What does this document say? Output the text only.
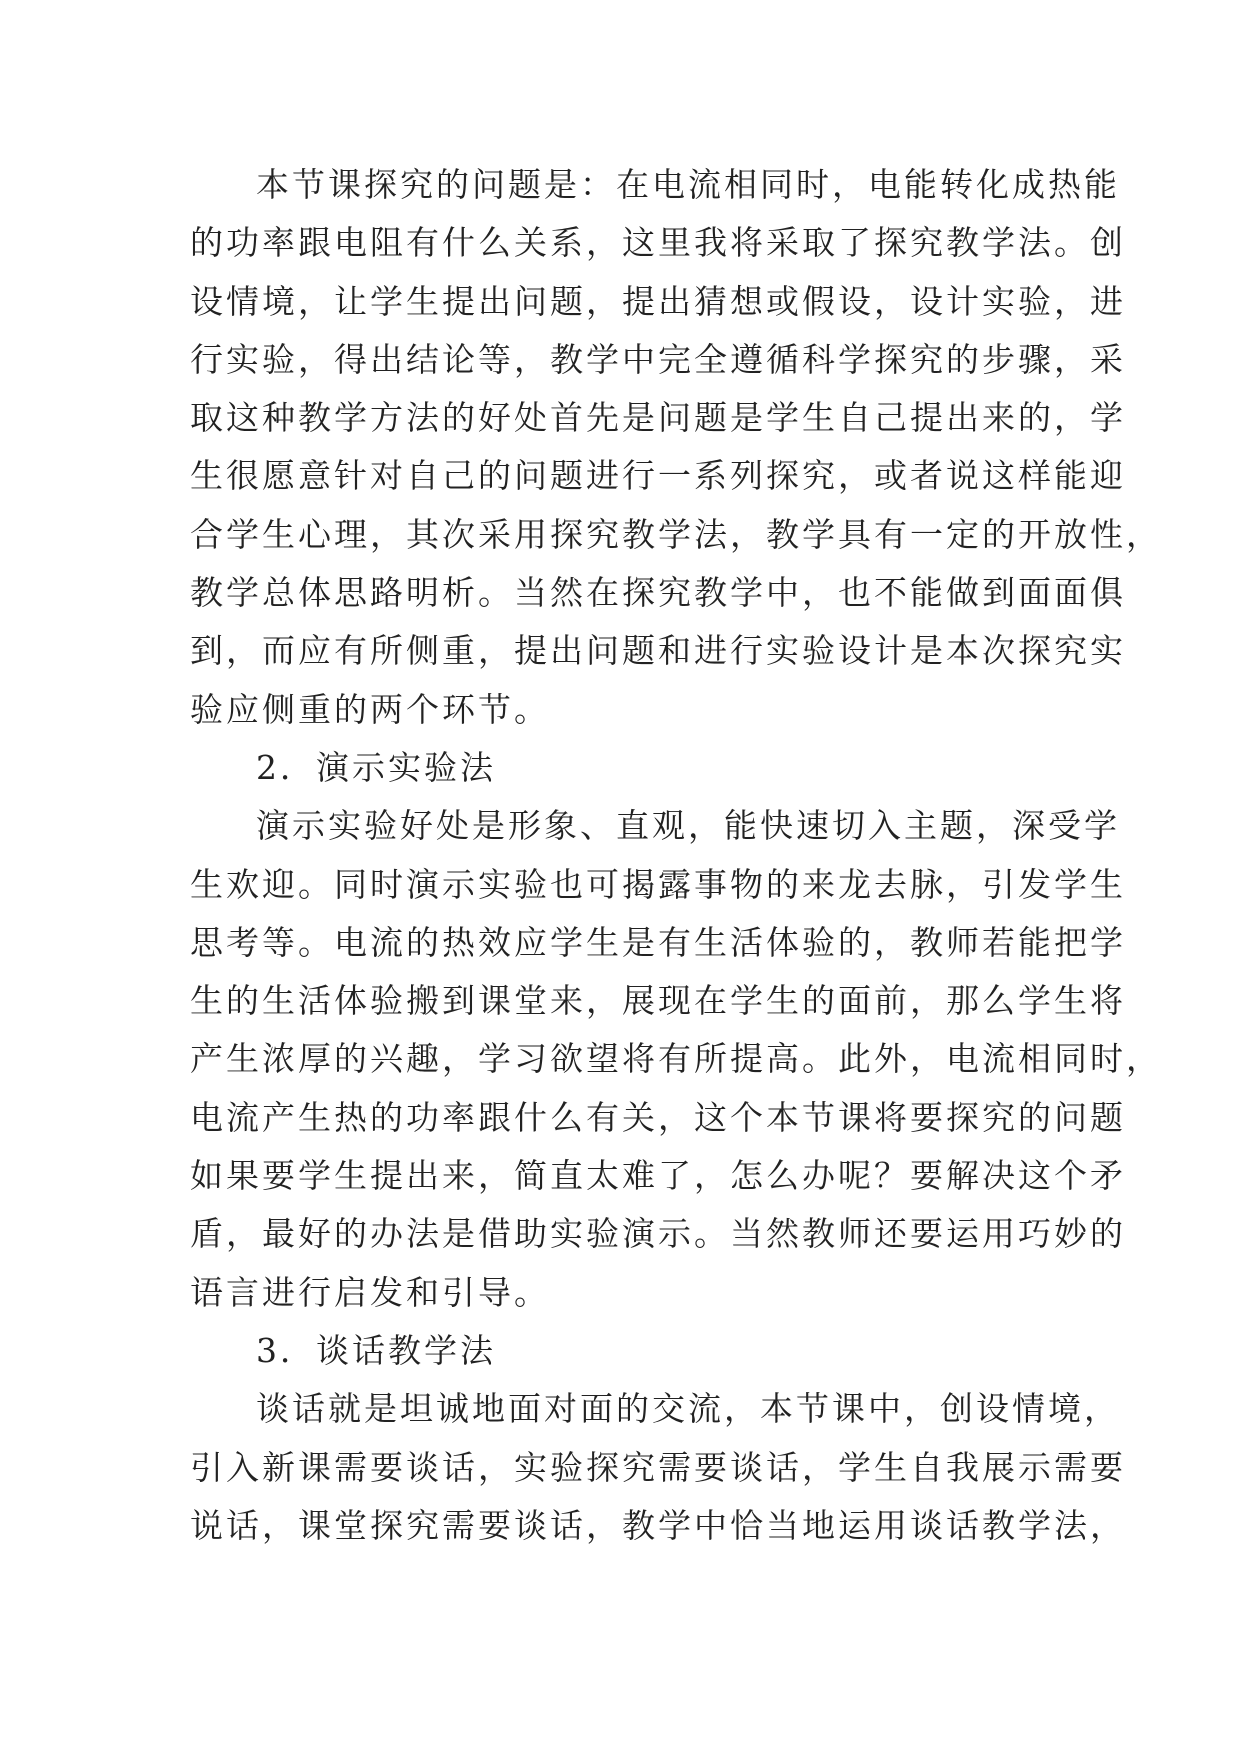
本节课探究的问题是：在电流相同时，电能转化成热能
的功率跟电阻有什么关系，这里我将采取了探究教学法。创
设情境，让学生提出问题，提出猜想或假设，设计实验，进
行实验，得出结论等，教学中完全遵循科学探究的步骤，采
取这种教学方法的好处首先是问题是学生自己提出来的，学
生很愿意针对自己的问题进行一系列探究，或者说这样能迎
合学生心理，其次采用探究教学法，教学具有一定的开放性，
教学总体思路明析。当然在探究教学中，也不能做到面面俱
到，而应有所侧重，提出问题和进行实验设计是本次探究实
验应侧重的两个环节。
2．演示实验法
演示实验好处是形象、直观，能快速切入主题，深受学
生欢迎。同时演示实验也可揭露事物的来龙去脉，引发学生
思考等。电流的热效应学生是有生活体验的，教师若能把学
生的生活体验搬到课堂来，展现在学生的面前，那么学生将
产生浓厚的兴趣，学习欲望将有所提高。此外，电流相同时，
电流产生热的功率跟什么有关，这个本节课将要探究的问题
如果要学生提出来，简直太难了，怎么办呢？要解决这个矛
盾，最好的办法是借助实验演示。当然教师还要运用巧妙的
语言进行启发和引导。
3．谈话教学法
谈话就是坦诚地面对面的交流，本节课中，创设情境，
引入新课需要谈话，实验探究需要谈话，学生自我展示需要
说话，课堂探究需要谈话，教学中恰当地运用谈话教学法，
